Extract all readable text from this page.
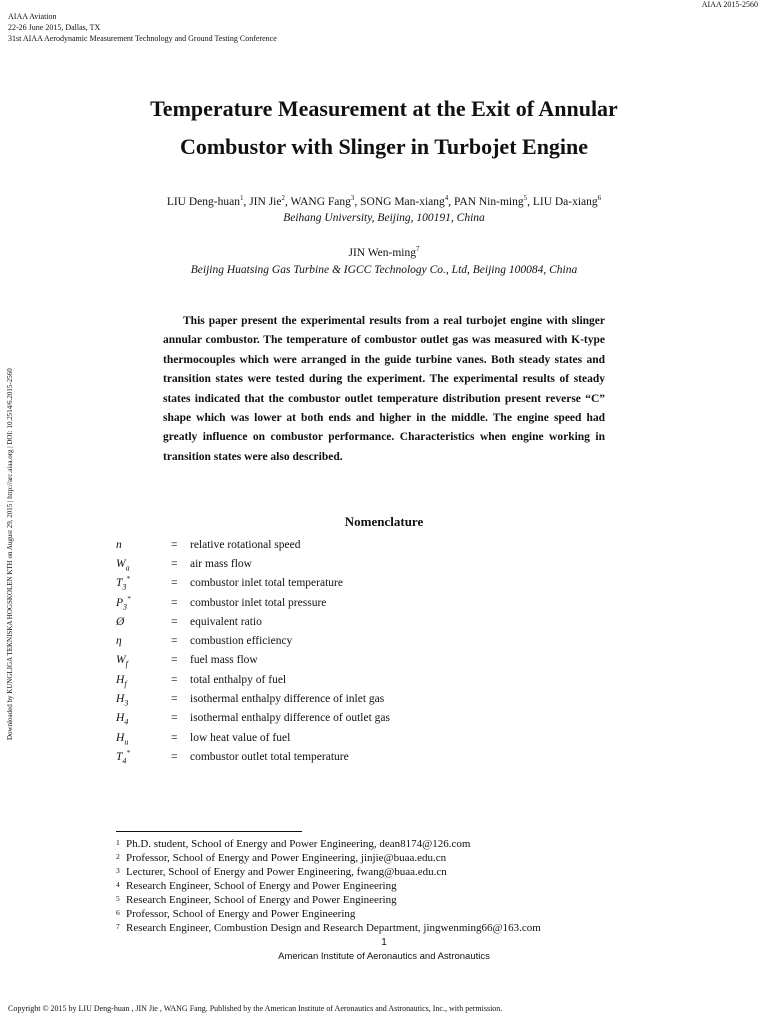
AIAA 2015-2560
AIAA Aviation
22-26 June 2015, Dallas, TX
31st AIAA Aerodynamic Measurement Technology and Ground Testing Conference
Temperature Measurement at the Exit of Annular
Combustor with Slinger in Turbojet Engine
LIU Deng-huan$^1$, JIN Jie$^2$, WANG Fang$^3$, SONG Man-xiang$^4$, PAN Nin-ming$^5$, LIU Da-xiang$^6$
Beihang University, Beijing, 100191, China
JIN Wen-ming$^7$
Beijing Huatsing Gas Turbine & IGCC Technology Co., Ltd, Beijing 100084, China
This paper present the experimental results from a real turbojet engine with slinger annular combustor. The temperature of combustor outlet gas was measured with K-type thermocouples which were arranged in the guide turbine vanes. Both steady states and transition states were tested during the experiment. The experimental results of steady states indicated that the combustor outlet temperature distribution present reverse “C” shape which was lower at both ends and higher in the middle. The engine speed had greatly influence on combustor performance. Characteristics when engine working in transition states were also described.
Nomenclature
n	=	relative rotational speed
$W_a$	=	air mass flow
$T_3^*$	=	combustor inlet total temperature
$P_3^*$	=	combustor inlet total pressure
Ø	=	equivalent ratio
η	=	combustion efficiency
$W_f$	=	fuel mass flow
$H_f$	=	total enthalpy of fuel
$H_3$	=	isothermal enthalpy difference of inlet gas
$H_4$	=	isothermal enthalpy difference of outlet gas
$H_u$	=	low heat value of fuel
$T_4^*$	=	combustor outlet total temperature
1 Ph.D. student, School of Energy and Power Engineering, dean8174@126.com
2 Professor, School of Energy and Power Engineering, jinjie@buaa.edu.cn
3 Lecturer, School of Energy and Power Engineering, fwang@buaa.edu.cn
4 Research Engineer, School of Energy and Power Engineering
5 Research Engineer, School of Energy and Power Engineering
6 Professor, School of Energy and Power Engineering
7 Research Engineer, Combustion Design and Research Department, jingwenming66@163.com
1
American Institute of Aeronautics and Astronautics
Copyright © 2015 by LIU Deng-huan , JIN Jie , WANG Fang. Published by the American Institute of Aeronautics and Astronautics, Inc., with permission.
Downloaded by KUNGLIGA TEKNISKA HOGSKOLEN KTH on August 29, 2015 | http://arc.aiaa.org | DOI: 10.2514/6.2015-2560
